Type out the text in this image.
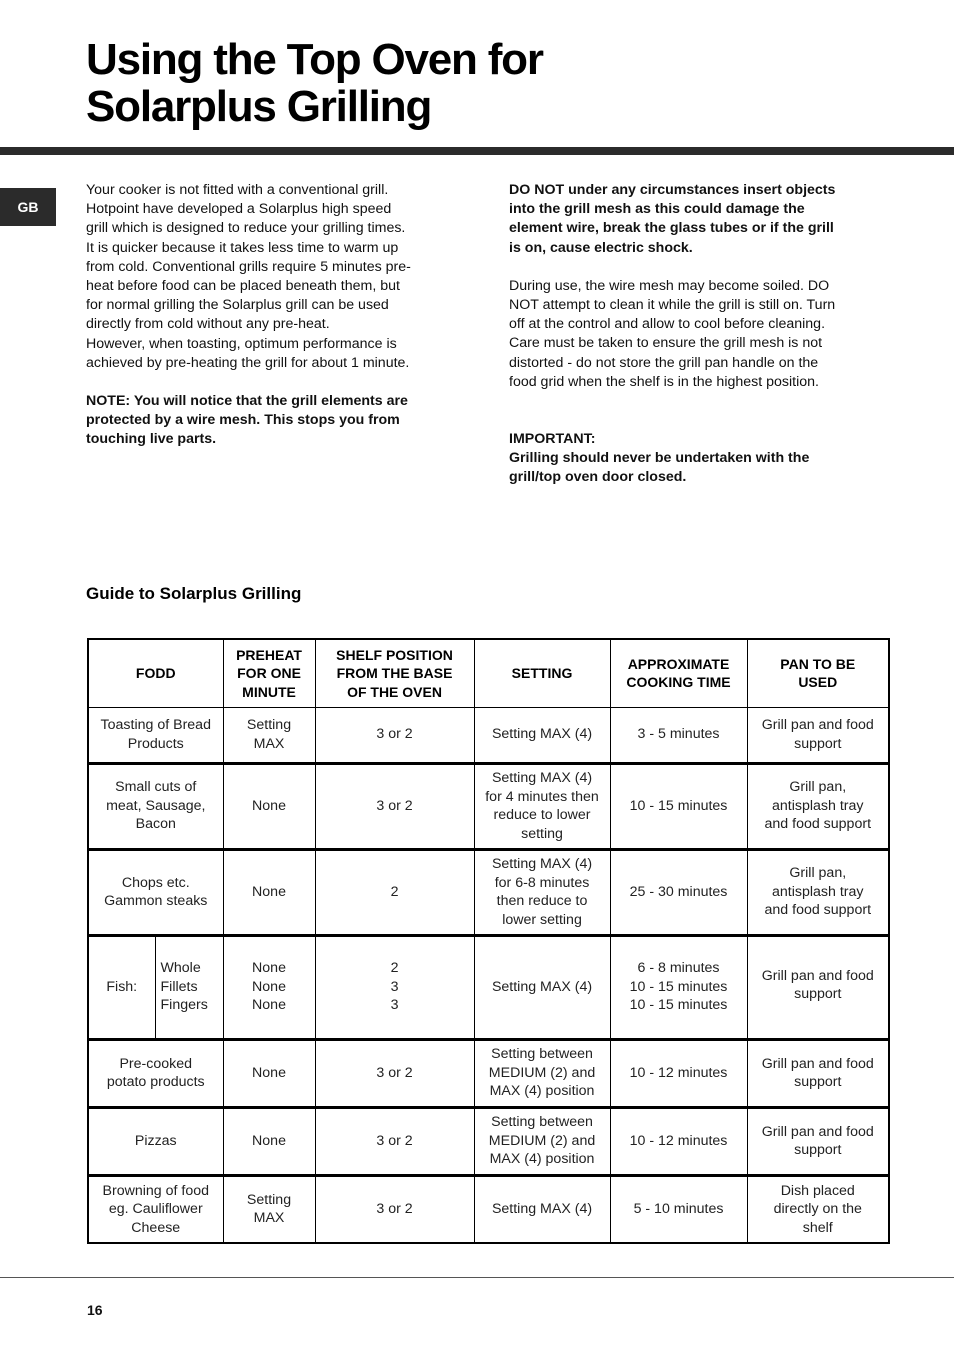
Using the Top Oven for
Solarplus Grilling
GB

Your cooker is not fitted with a conventional grill.
Hotpoint have developed a Solarplus high speed
grill which is designed to reduce your grilling times.
It is quicker because it takes less time to warm up
from cold. Conventional grills require 5 minutes pre-
heat before food can be placed beneath them, but
for normal grilling the Solarplus grill can be used
directly from cold without any pre-heat.
However, when toasting, optimum performance is
achieved by pre-heating the grill for about 1 minute.

NOTE: You will notice that the grill elements are
protected by a wire mesh. This stops you from
touching live parts.

DO NOT under any circumstances insert objects
into the grill mesh as this could damage the
element wire, break the glass tubes or if the grill
is on, cause electric shock.

During use, the wire mesh may become soiled. DO
NOT attempt to clean it while the grill is still on. Turn
off at the control and allow to cool before cleaning.
Care must be taken to ensure the grill mesh is not
distorted - do not store the grill pan handle on the
food grid when the shelf is in the highest position.

IMPORTANT:
Grilling should never be undertaken with the
grill/top oven door closed.

Guide to Solarplus Grilling
FODD		PREHEAT
FOR ONE
MINUTE	SHELF POSITION
FROM THE BASE
OF THE OVEN	SETTING	APPROXIMATE
COOKING TIME	PAN TO BE
USED
Toasting of Bread
Products		Setting
MAX	3 or 2	Setting MAX (4)	3 - 5 minutes	Grill pan and food
support
Small cuts of
meat, Sausage,
Bacon		None	3 or 2	Setting MAX (4)
for 4 minutes then
reduce to lower
setting	10 - 15 minutes	Grill pan,
antisplash tray
and food support
Chops etc.
Gammon steaks		None	2	Setting MAX (4)
for 6-8 minutes
then reduce to
lower setting	25 - 30 minutes	Grill pan,
antisplash tray
and food support
Fish:	Whole
Fillets
Fingers	None
None
None	2
3
3	Setting MAX (4)	6 - 8 minutes
10 - 15 minutes
10 - 15 minutes	Grill pan and food
support
Pre-cooked
potato products		None	3 or 2	Setting between
MEDIUM (2) and
MAX (4) position	10 - 12 minutes	Grill pan and food
support
Pizzas		None	3 or 2	Setting between
MEDIUM (2) and
MAX (4) position	10 - 12 minutes	Grill pan and food
support
Browning of food
eg. Cauliflower
Cheese		Setting
MAX	3 or 2	Setting MAX (4)	5 - 10 minutes	Dish placed
directly on the
shelf
16
